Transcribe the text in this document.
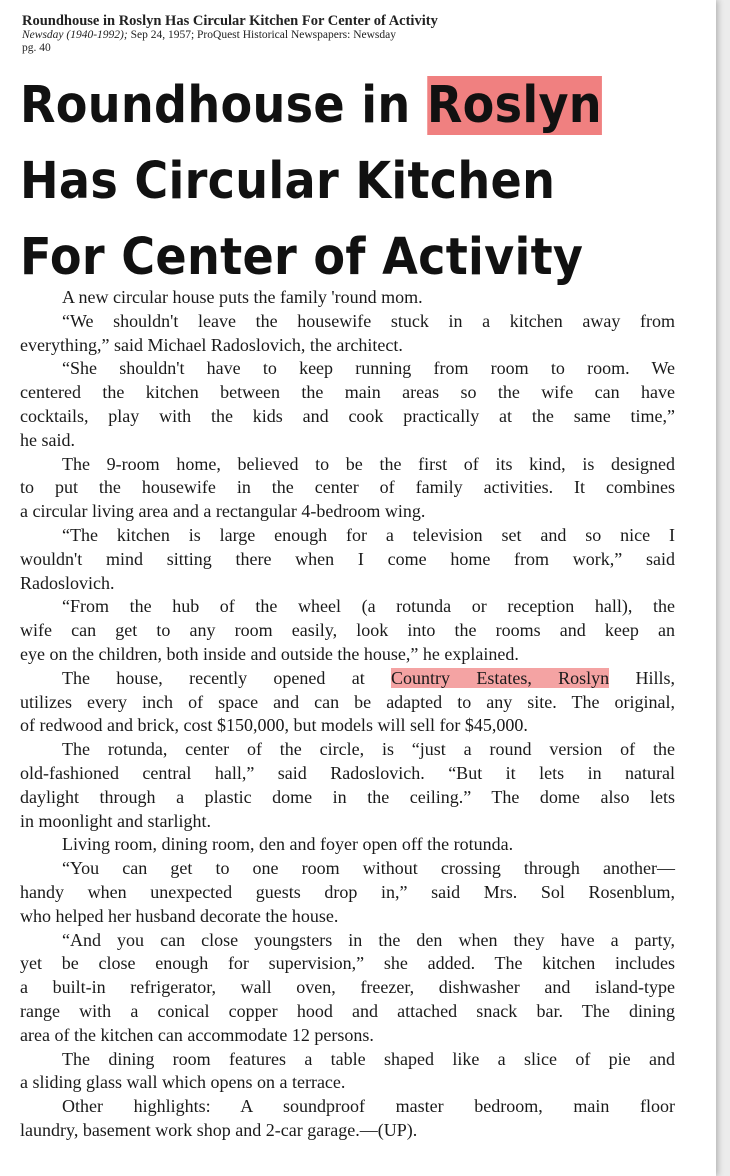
Roundhouse in Roslyn Has Circular Kitchen For Center of Activity
Newsday (1940-1992); Sep 24, 1957; ProQuest Historical Newspapers: Newsday
pg. 40
Roundhouse in Roslyn
Has Circular Kitchen
For Center of Activity
A new circular house puts the family 'round mom.
“We shouldn't leave the housewife stuck in a kitchen away from
everything,” said Michael Radoslovich, the architect.
“She shouldn't have to keep running from room to room. We
centered the kitchen between the main areas so the wife can have
cocktails, play with the kids and cook practically at the same time,”
he said.
The 9-room home, believed to be the first of its kind, is designed
to put the housewife in the center of family activities. It combines
a circular living area and a rectangular 4-bedroom wing.
“The kitchen is large enough for a television set and so nice I
wouldn't mind sitting there when I come home from work,” said
Radoslovich.
“From the hub of the wheel (a rotunda or reception hall), the
wife can get to any room easily, look into the rooms and keep an
eye on the children, both inside and outside the house,” he explained.
The house, recently opened at Country Estates, Roslyn Hills,
utilizes every inch of space and can be adapted to any site. The original,
of redwood and brick, cost $150,000, but models will sell for $45,000.
The rotunda, center of the circle, is “just a round version of the
old-fashioned central hall,” said Radoslovich. “But it lets in natural
daylight through a plastic dome in the ceiling.” The dome also lets
in moonlight and starlight.
Living room, dining room, den and foyer open off the rotunda.
“You can get to one room without crossing through another—
handy when unexpected guests drop in,” said Mrs. Sol Rosenblum,
who helped her husband decorate the house.
“And you can close youngsters in the den when they have a party,
yet be close enough for supervision,” she added. The kitchen includes
a built-in refrigerator, wall oven, freezer, dishwasher and island-type
range with a conical copper hood and attached snack bar. The dining
area of the kitchen can accommodate 12 persons.
The dining room features a table shaped like a slice of pie and
a sliding glass wall which opens on a terrace.
Other highlights: A soundproof master bedroom, main floor
laundry, basement work shop and 2-car garage.—(UP).
